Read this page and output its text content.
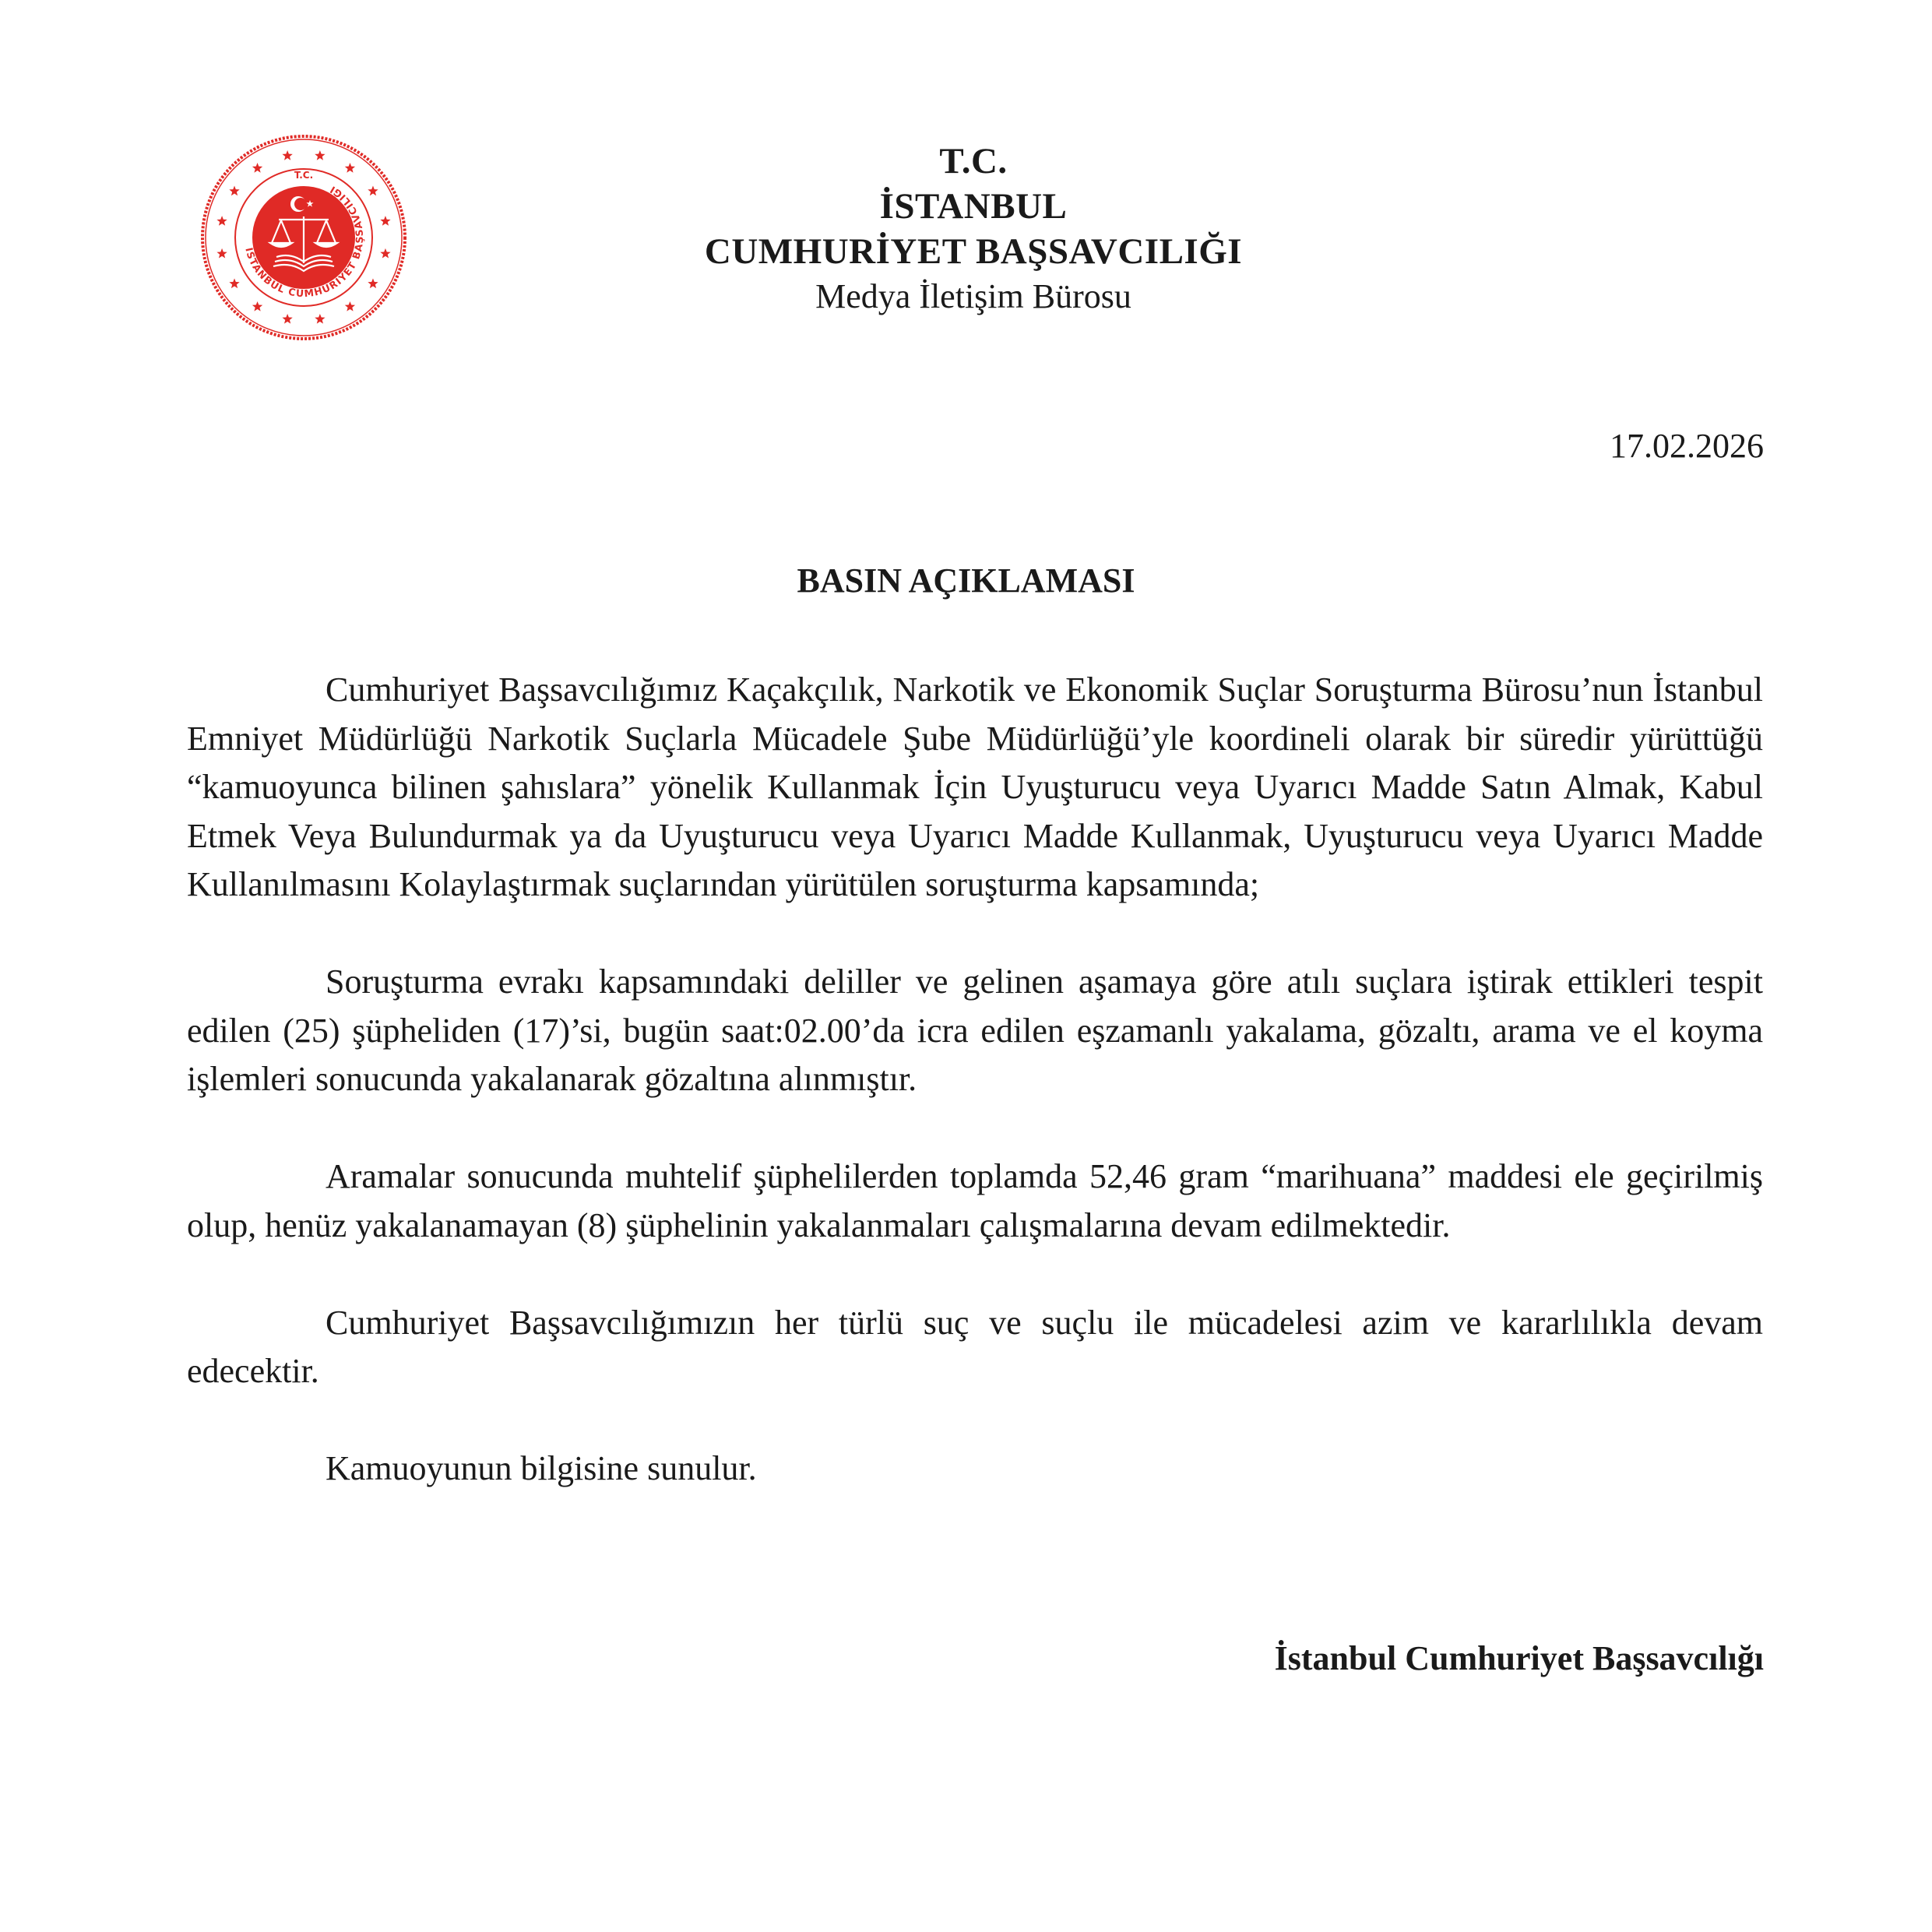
T.C.
İSTANBUL CUMHURİYET BAŞSAVCILIĞI
T.C.
İSTANBUL
CUMHURİYET BAŞSAVCILIĞI
Medya İletişim Bürosu
17.02.2026
BASIN AÇIKLAMASI

Cumhuriyet Başsavcılığımız Kaçakçılık, Narkotik ve Ekonomik Suçlar Soruşturma Bürosu’nun İstanbul Emniyet Müdürlüğü Narkotik Suçlarla Mücadele Şube Müdürlüğü’yle koordineli olarak bir süredir yürüttüğü “kamuoyunca bilinen şahıslara” yönelik Kullanmak İçin Uyuşturucu veya Uyarıcı Madde Satın Almak, Kabul Etmek Veya Bulundurmak ya da Uyuşturucu veya Uyarıcı Madde Kullanmak, Uyuşturucu veya Uyarıcı Madde Kullanılmasını Kolaylaştırmak suçlarından yürütülen soruşturma kapsamında;

Soruşturma evrakı kapsamındaki deliller ve gelinen aşamaya göre atılı suçlara iştirak ettikleri tespit edilen (25) şüpheliden (17)’si, bugün saat:02.00’da icra edilen eşzamanlı yakalama, gözaltı, arama ve el koyma işlemleri sonucunda yakalanarak gözaltına alınmıştır.

Aramalar sonucunda muhtelif şüphelilerden toplamda 52,46 gram “marihuana” maddesi ele geçirilmiş olup, henüz yakalanamayan (8) şüphelinin yakalanmaları çalışmalarına devam edilmektedir.

Cumhuriyet Başsavcılığımızın her türlü suç ve suçlu ile mücadelesi azim ve kararlılıkla devam edecektir.

Kamuoyunun bilgisine sunulur.

İstanbul Cumhuriyet Başsavcılığı
